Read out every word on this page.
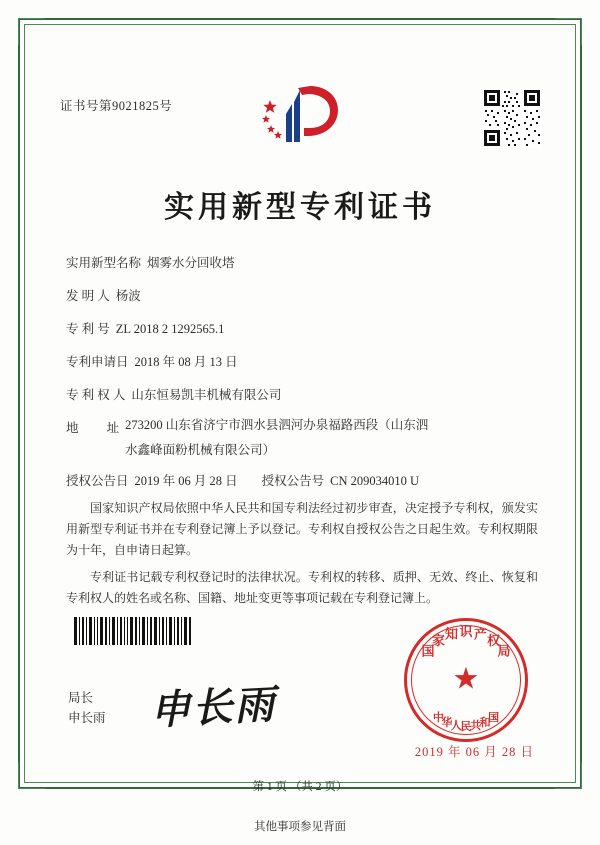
证书号第9021825号
实用新型专利证书
实用新型名称 烟雾水分回收塔
发 明 人 杨波
专 利 号 ZL 2018 2 1292565.1
专利申请日 2018 年 08 月 13 日
专 利 权 人 山东恒易凯丰机械有限公司
地         址 273200 山东省济宁市泗水县泗河办泉福路西段（山东泗
水鑫峰面粉机械有限公司）
授权公告日 2019 年 06 月 28 日 授权公告号 CN 209034010 U

国家知识产权局依照中华人民共和国专利法经过初步审查，决定授予专利权，颁发实用新型专利证书并在专利登记簿上予以登记。专利权自授权公告之日起生效。专利权期限为十年，自申请日起算。

专利证书记载专利权登记时的法律状况。专利权的转移、质押、无效、终止、恢复和专利权人的姓名或名称、国籍、地址变更等事项记载在专利登记簿上。

★
国
家 知 识 产 权
局
中
华
人
民
共
和
国
局长
申长雨 申长雨
2019 年 06 月 28 日
第 1 页 （共 2 页）
其他事项参见背面
